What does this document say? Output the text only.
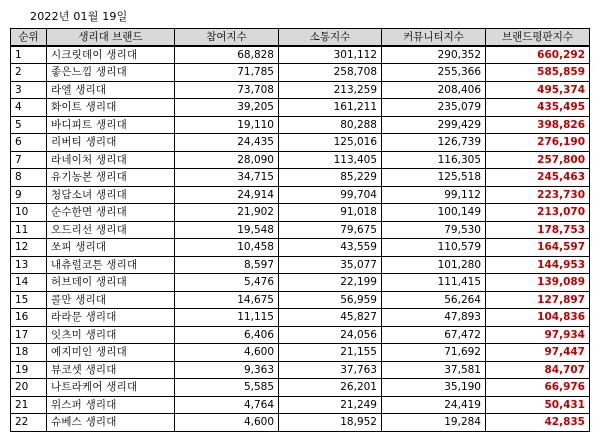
2022년 01월 19일
순위	생리대 브랜드	참여지수	소통지수	커뮤니티지수	브랜드평판지수
1	시크릿데이 생리대	68,828	301,112	290,352	660,292
2	좋은느낌 생리대	71,785	258,708	255,366	585,859
3	라엘 생리대	73,708	213,259	208,406	495,374
4	화이트 생리대	39,205	161,211	235,079	435,495
5	바디피트 생리대	19,110	80,288	299,429	398,826
6	리버티 생리대	24,435	125,016	126,739	276,190
7	라네이처 생리대	28,090	113,405	116,305	257,800
8	유기농본 생리대	34,715	85,229	125,518	245,463
9	청담소녀 생리대	24,914	99,704	99,112	223,730
10	순수한면 생리대	21,902	91,018	100,149	213,070
11	오드리선 생리대	19,548	79,675	79,530	178,753
12	쏘피 생리대	10,458	43,559	110,579	164,597
13	내츄럴코튼 생리대	8,597	35,077	101,280	144,953
14	허브데이 생리대	5,476	22,199	111,415	139,089
15	콜만 생리대	14,675	56,959	56,264	127,897
16	라라문 생리대	11,115	45,827	47,893	104,836
17	잇츠미 생리대	6,406	24,056	67,472	97,934
18	예지미인 생리대	4,600	21,155	71,692	97,447
19	뷰코셋 생리대	9,363	37,763	37,581	84,707
20	나트라케어 생리대	5,585	26,201	35,190	66,976
21	위스퍼 생리대	4,764	21,249	24,419	50,431
22	슈베스 생리대	4,600	18,952	19,284	42,835
